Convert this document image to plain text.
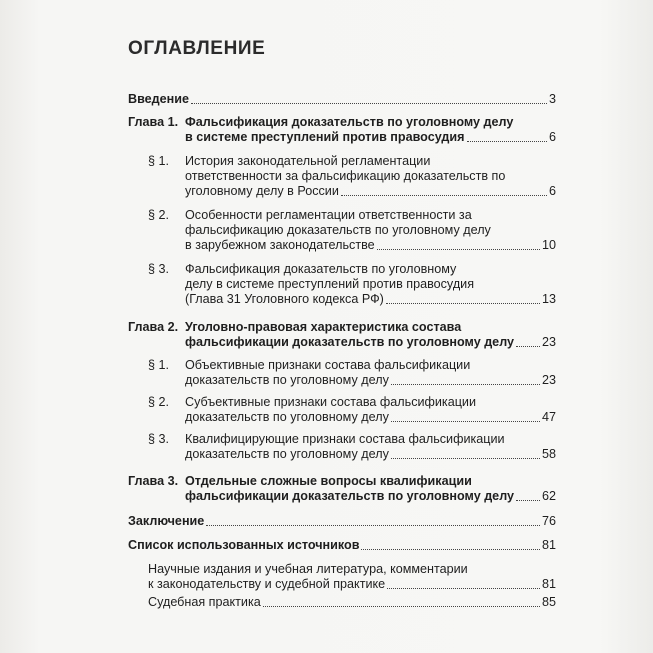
ОГЛАВЛЕНИЕ
Введение	3
Глава 1. Фальсификация доказательств по уголовному делу
в системе преступлений против правосудия	6
§ 1. История законодательной регламентации
ответственности за фальсификацию доказательств по
уголовному делу в России	6
§ 2. Особенности регламентации ответственности за
фальсификацию доказательств по уголовному делу
в зарубежном законодательстве	10
§ 3. Фальсификация доказательств по уголовному
делу в системе преступлений против правосудия
(Глава 31 Уголовного кодекса РФ)	13
Глава 2. Уголовно-правовая характеристика состава
фальсификации доказательств по уголовному делу 23
§ 1. Объективные признаки состава фальсификации
доказательств по уголовному делу	23
§ 2. Субъективные признаки состава фальсификации
доказательств по уголовному делу	47
§ 3. Квалифицирующие признаки состава фальсификации
доказательств по уголовному делу	58
Глава 3. Отдельные сложные вопросы квалификации
фальсификации доказательств по уголовному делу 62
Заключение	76
Список использованных источников	81
Научные издания и учебная литература, комментарии
к законодательству и судебной практике	81
Судебная практика	85
